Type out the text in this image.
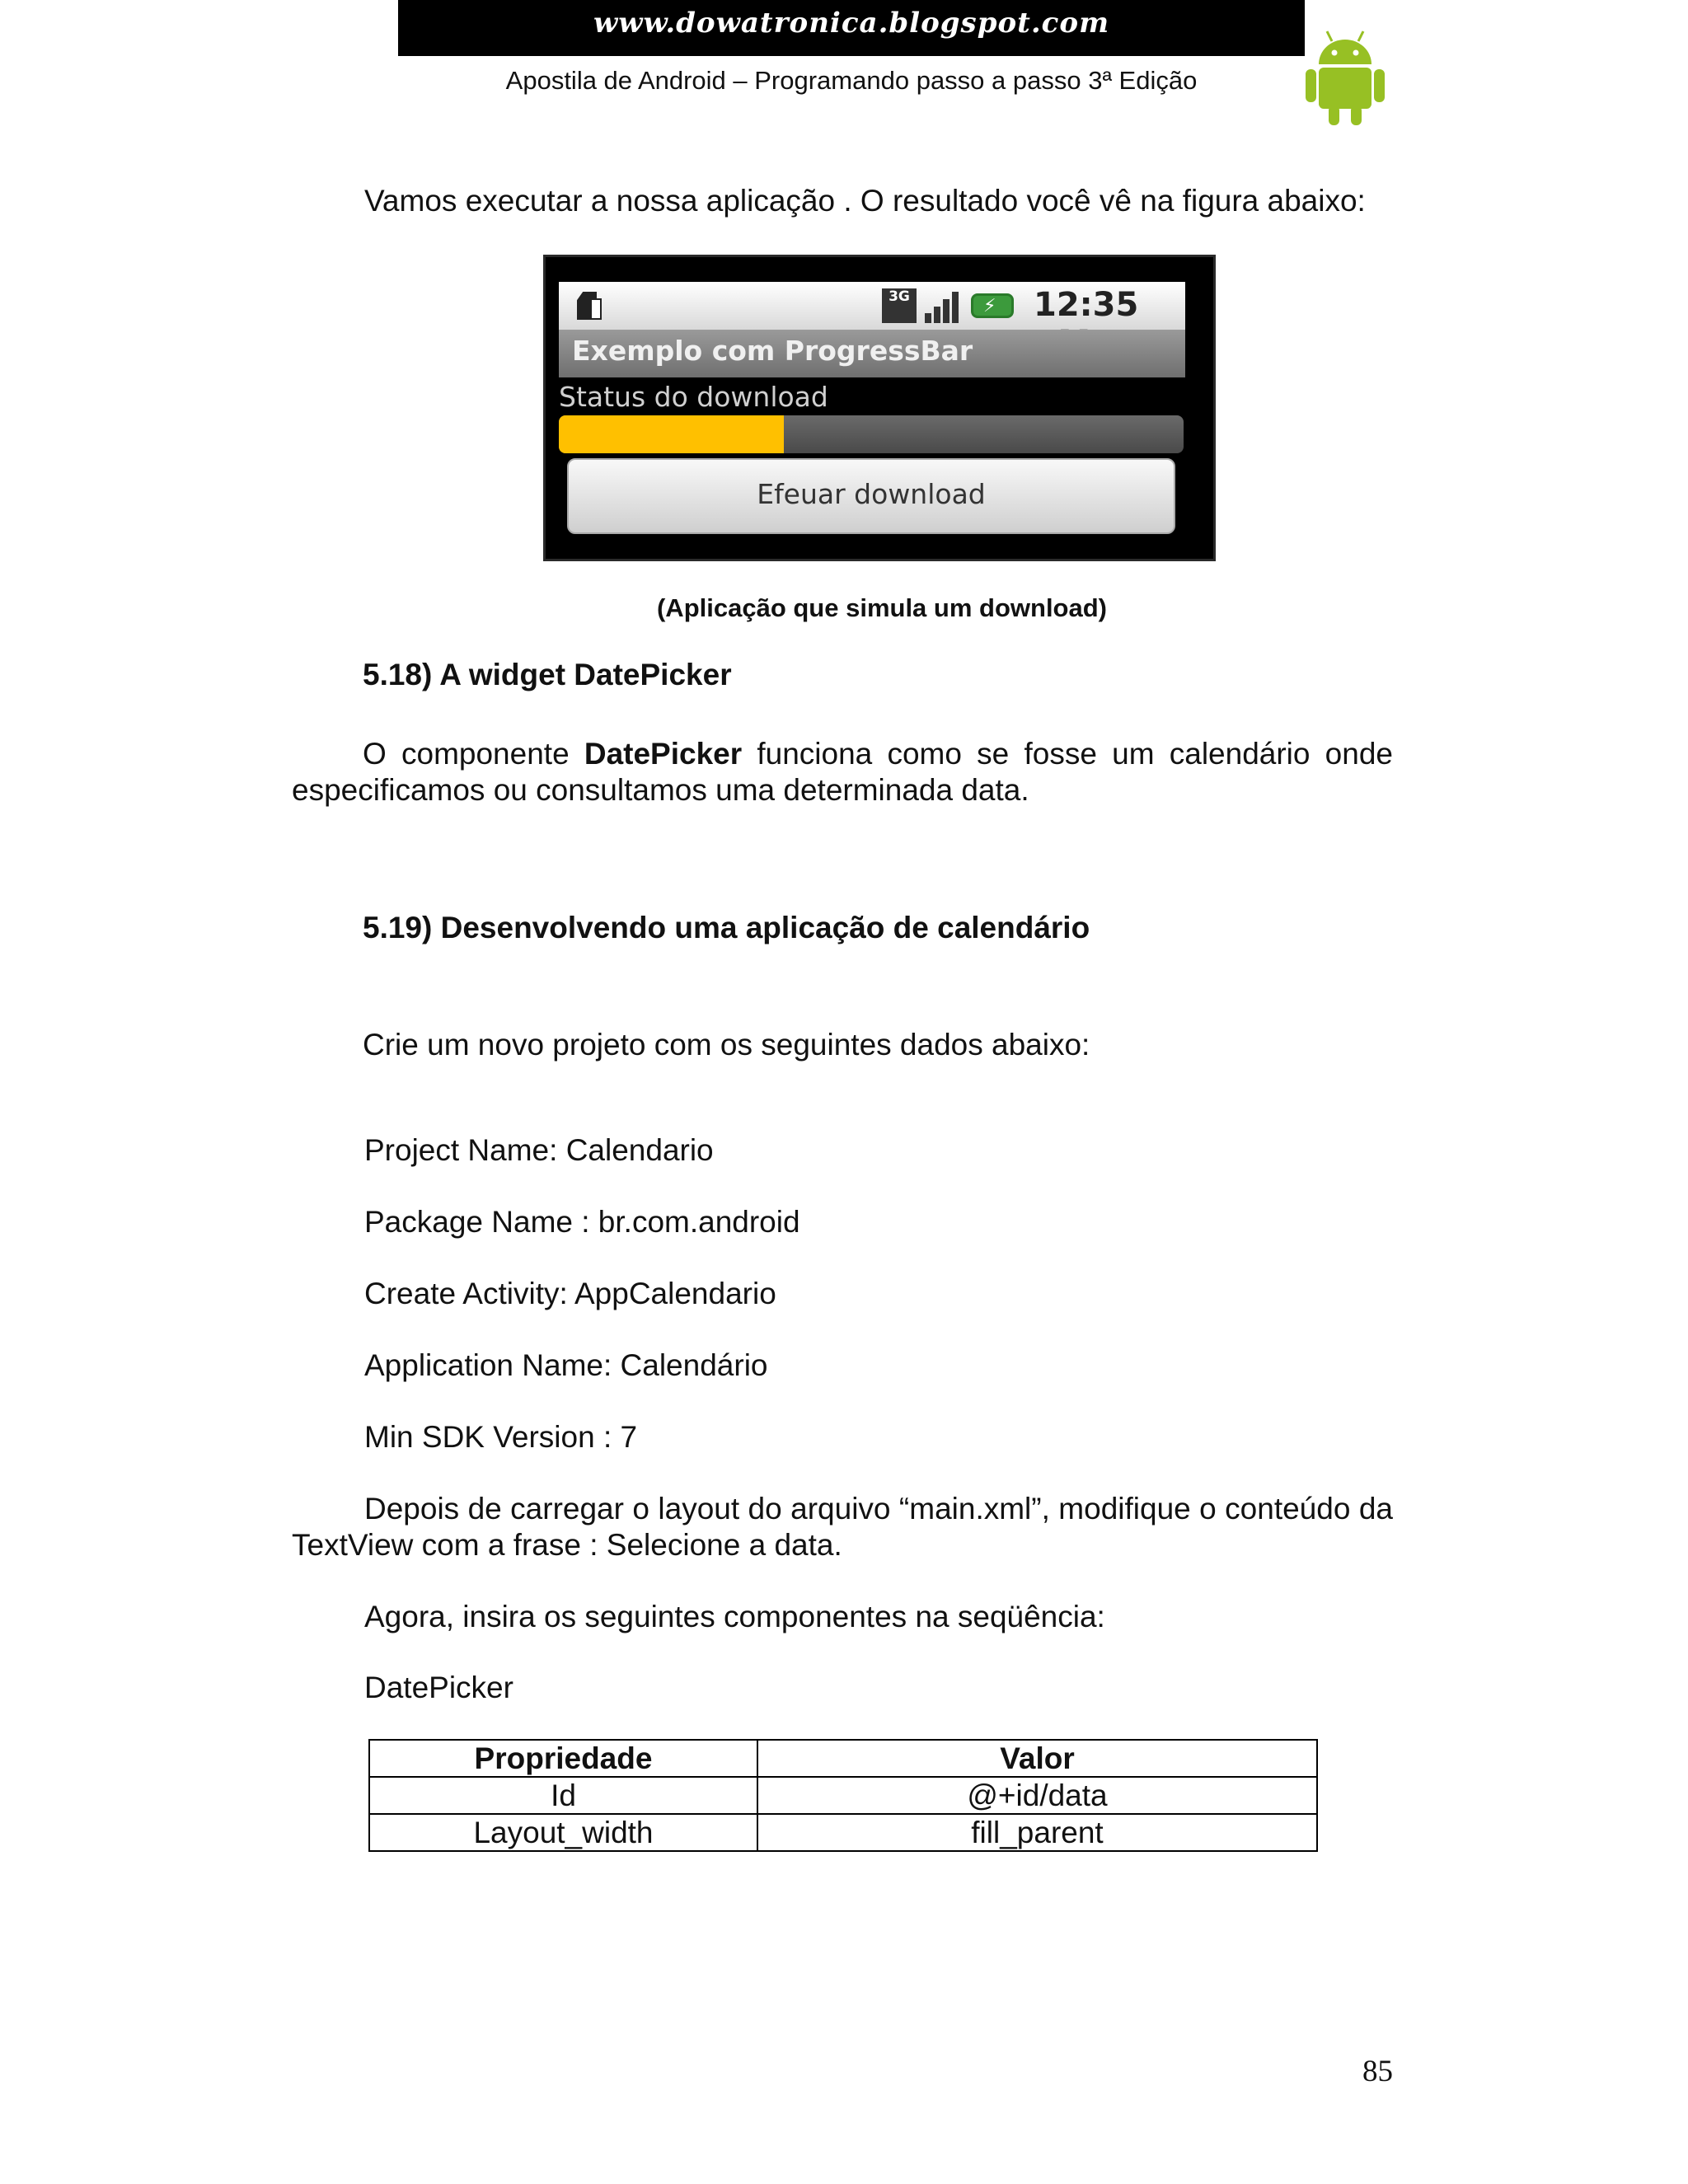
www.dowatronica.blogspot.com
Apostila de Android – Programando passo a passo 3ª Edição
Vamos executar a nossa aplicação . O resultado você vê na figura abaixo:
3G	⚡ 12:35
Exemplo com ProgressBar
Status do download
Efeuar download
(Aplicação que simula um download)
5.18) A widget DatePicker
O componente DatePicker funciona como se fosse um calendário onde especificamos ou consultamos uma determinada data.
5.19) Desenvolvendo uma aplicação de calendário
Crie um novo projeto com os seguintes dados abaixo:
Project Name: Calendario
Package Name : br.com.android
Create Activity: AppCalendario
Application Name: Calendário
Min SDK Version : 7
Depois de carregar o layout do arquivo “main.xml”, modifique o conteúdo da TextView com a frase : Selecione a data.
Agora, insira os seguintes componentes na seqüência:
DatePicker
Propriedade	Valor
Id	@+id/data
Layout_width	fill_parent
85
